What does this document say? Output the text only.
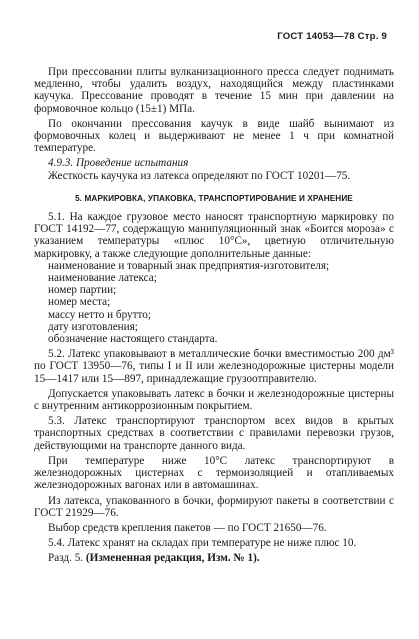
ГОСТ 14053—78 Стр. 9

При прессовании плиты вулканизационного пресса следует поднимать медленно, чтобы удалить воздух, находящийся между пластинками каучука. Прессование проводят в течение 15 мин при давлении на формовочное кольцо (15±1) МПа.

По окончании прессования каучук в виде шайб вынимают из формовочных колец и выдерживают не менее 1 ч при комнатной температуре.

4.9.3. Проведение испытания

Жесткость каучука из латекса определяют по ГОСТ 10201—75.

5. МАРКИРОВКА, УПАКОВКА, ТРАНСПОРТИРОВАНИЕ И ХРАНЕНИЕ

5.1. На каждое грузовое место наносят транспортную маркировку по ГОСТ 14192—77, содержащую манипуляционный знак «Боится мороза» с указанием температуры «плюс 10°С», цветную отличительную маркировку, а также следующие дополнительные данные:

наименование и товарный знак предприятия-изготовителя;
наименование латекса;
номер партии;
номер места;
массу нетто и брутто;
дату изготовления;
обозначение настоящего стандарта.

5.2. Латекс упаковывают в металлические бочки вместимостью 200 дм³ по ГОСТ 13950—76, типы I и II или железнодорожные цистерны модели 15—1417 или 15—897, принадлежащие грузоотправителю.

Допускается упаковывать латекс в бочки и железнодорожные цистерны с внутренним антикоррозионным покрытием.

5.3. Латекс транспортируют транспортом всех видов в крытых транспортных средствах в соответствии с правилами перевозки грузов, действующими на транспорте данного вида.

При температуре ниже 10°С латекс транспортируют в железнодорожных цистернах с термоизоляцией и отапливаемых железнодорожных вагонах или в автомашинах.

Из латекса, упакованного в бочки, формируют пакеты в соответствии с ГОСТ 21929—76.

Выбор средств крепления пакетов — по ГОСТ 21650—76.

5.4. Латекс хранят на складах при температуре не ниже плюс 10.

Разд. 5. (Измененная редакция, Изм. № 1).
